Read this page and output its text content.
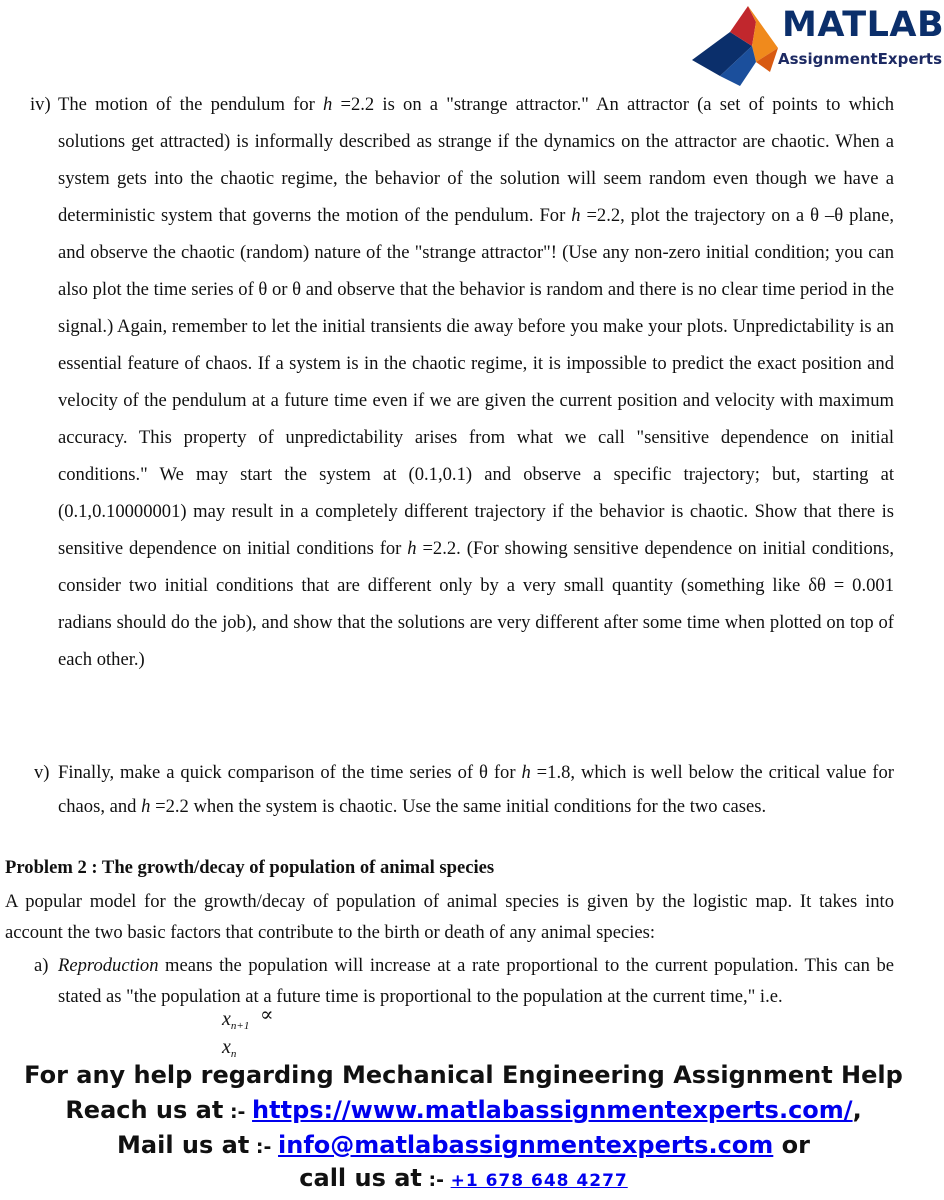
MATLAB
AssignmentExperts

iv) The motion of the pendulum for h =2.2 is on a "strange attractor." An attractor (a set of points to which solutions get attracted) is informally described as strange if the dynamics on the attractor are chaotic. When a system gets into the chaotic regime, the behavior of the solution will seem random even though we have a deterministic system that governs the motion of the pendulum. For h =2.2, plot the trajectory on a θ –θ plane, and observe the chaotic (random) nature of the "strange attractor"! (Use any non-zero initial condition; you can also plot the time series of θ or θ and observe that the behavior is random and there is no clear time period in the signal.) Again, remember to let the initial transients die away before you make your plots. Unpredictability is an essential feature of chaos. If a system is in the chaotic regime, it is impossible to predict the exact position and velocity of the pendulum at a future time even if we are given the current position and velocity with maximum accuracy. This property of unpredictability arises from what we call "sensitive dependence on initial conditions." We may start the system at (0.1,0.1) and observe a specific trajectory; but, starting at (0.1,0.10000001) may result in a completely different trajectory if the behavior is chaotic. Show that there is sensitive dependence on initial conditions for h =2.2. (For showing sensitive dependence on initial conditions, consider two initial conditions that are different only by a very small quantity (something like δθ = 0.001 radians should do the job), and show that the solutions are very different after some time when plotted on top of each other.)

v) Finally, make a quick comparison of the time series of θ for h =1.8, which is well below the critical value for chaos, and h =2.2 when the system is chaotic. Use the same initial conditions for the two cases.

Problem 2 : The growth/decay of population of animal species

A popular model for the growth/decay of population of animal species is given by the logistic map. It takes into account the two basic factors that contribute to the birth or death of any animal species:

a) Reproduction means the population will increase at a rate proportional to the current population. This can be stated as "the population at a future time is proportional to the population at the current time," i.e.

$x_{n+1}$ ∝
$x_n$
For any help regarding Mechanical Engineering Assignment Help
Reach us at :- https://www.matlabassignmentexperts.com/,
Mail us at :- info@matlabassignmentexperts.com or
call us at :- +1 678 648 4277
